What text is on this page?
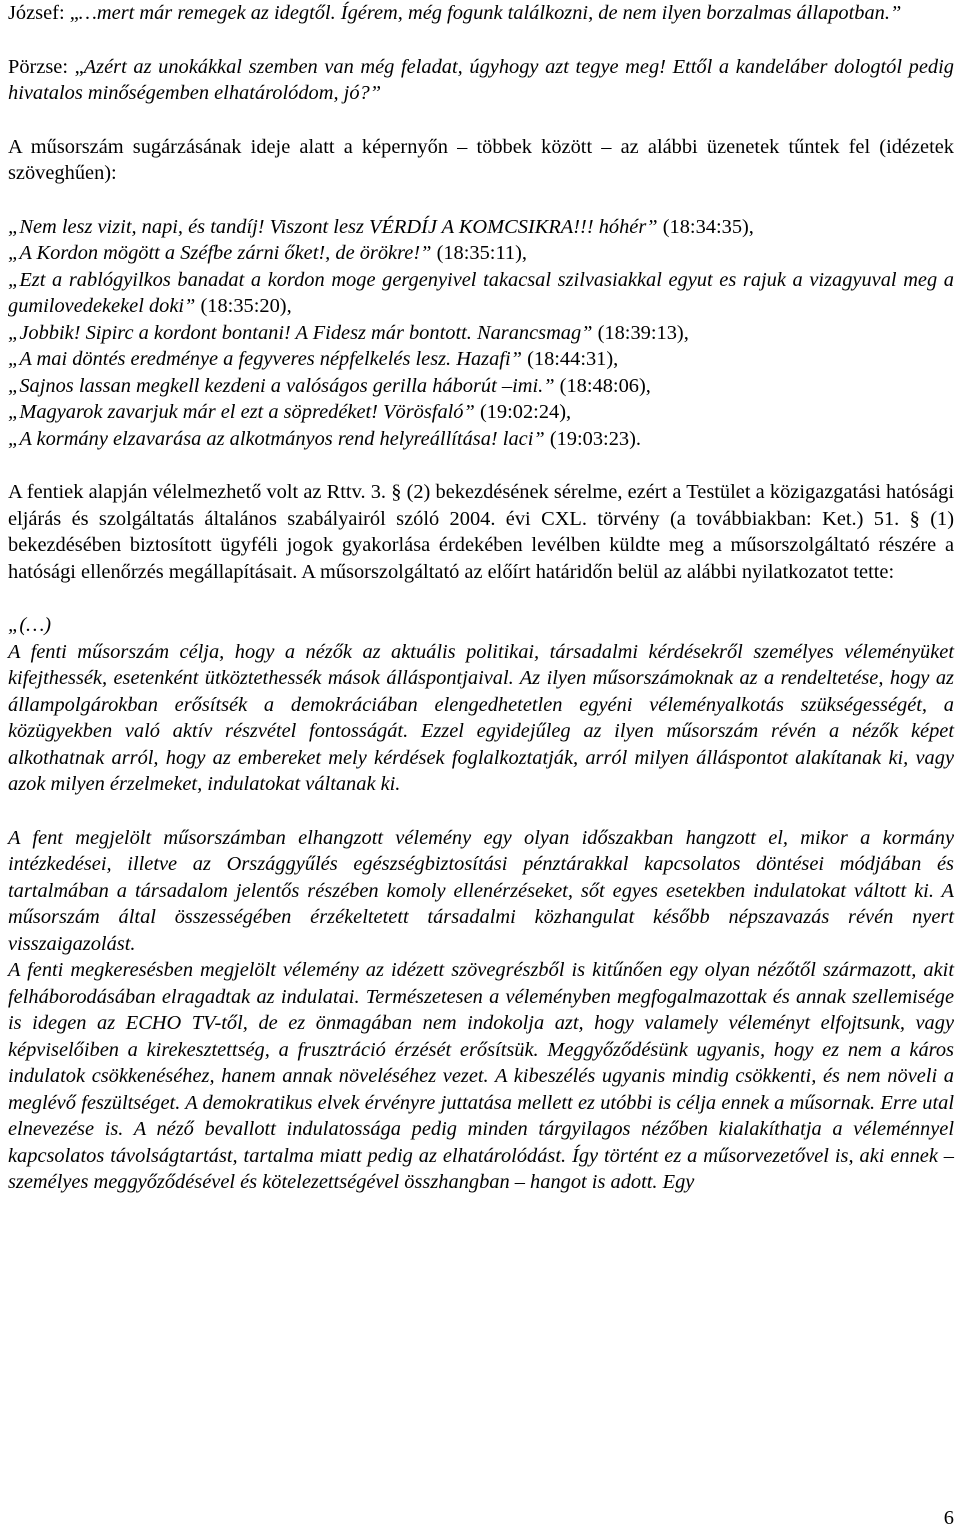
József: „…mert már remegek az idegtől. Ígérem, még fogunk találkozni, de nem ilyen borzalmas állapotban.”

Pörzse: „Azért az unokákkal szemben van még feladat, úgyhogy azt tegye meg! Ettől a kandeláber dologtól pedig hivatalos minőségemben elhatárolódom, jó?”

A műsorszám sugárzásának ideje alatt a képernyőn – többek között – az alábbi üzenetek tűntek fel (idézetek szöveghűen):

„Nem lesz vizit, napi, és tandíj! Viszont lesz VÉRDÍJ A KOMCSIKRA!!! hóhér” (18:34:35),
„A Kordon mögött a Széfbe zárni őket!, de örökre!” (18:35:11),
„Ezt a rablógyilkos banadat a kordon moge gergenyivel takacsal szilvasiakkal egyut es rajuk a vizagyuval meg a gumilovedekekel doki” (18:35:20),
„Jobbik! Sipirc a kordont bontani! A Fidesz már bontott. Narancsmag” (18:39:13),
„A mai döntés eredménye a fegyveres népfelkelés lesz. Hazafi” (18:44:31),
„Sajnos lassan megkell kezdeni a valóságos gerilla háborút –imi.” (18:48:06),
„Magyarok zavarjuk már el ezt a söpredéket! Vörösfaló” (19:02:24),
„A kormány elzavarása az alkotmányos rend helyreállítása! laci” (19:03:23).

A fentiek alapján vélelmezhető volt az Rttv. 3. § (2) bekezdésének sérelme, ezért a Testület a közigazgatási hatósági eljárás és szolgáltatás általános szabályairól szóló 2004. évi CXL. törvény (a továbbiakban: Ket.) 51. § (1) bekezdésében biztosított ügyféli jogok gyakorlása érdekében levélben küldte meg a műsorszolgáltató részére a hatósági ellenőrzés megállapításait. A műsorszolgáltató az előírt határidőn belül az alábbi nyilatkozatot tette:

„(…)

A fenti műsorszám célja, hogy a nézők az aktuális politikai, társadalmi kérdésekről személyes véleményüket kifejthessék, esetenként ütköztethessék mások álláspontjaival. Az ilyen műsorszámoknak az a rendeltetése, hogy az állampolgárokban erősítsék a demokráciában elengedhetetlen egyéni véleményalkotás szükségességét, a közügyekben való aktív részvétel fontosságát. Ezzel egyidejűleg az ilyen műsorszám révén a nézők képet alkothatnak arról, hogy az embereket mely kérdések foglalkoztatják, arról milyen álláspontot alakítanak ki, vagy azok milyen érzelmeket, indulatokat váltanak ki.

A fent megjelölt műsorszámban elhangzott vélemény egy olyan időszakban hangzott el, mikor a kormány intézkedései, illetve az Országgyűlés egészségbiztosítási pénztárakkal kapcsolatos döntései módjában és tartalmában a társadalom jelentős részében komoly ellenérzéseket, sőt egyes esetekben indulatokat váltott ki. A műsorszám által összességében érzékeltetett társadalmi közhangulat később népszavazás révén nyert visszaigazolást.

A fenti megkeresésben megjelölt vélemény az idézett szövegrészből is kitűnően egy olyan nézőtől származott, akit felháborodásában elragadtak az indulatai. Természetesen a véleményben megfogalmazottak és annak szellemisége is idegen az ECHO TV-től, de ez önmagában nem indokolja azt, hogy valamely véleményt elfojtsunk, vagy képviselőiben a kirekesztettség, a frusztráció érzését erősítsük. Meggyőződésünk ugyanis, hogy ez nem a káros indulatok csökkenéséhez, hanem annak növeléséhez vezet. A kibeszélés ugyanis mindig csökkenti, és nem növeli a meglévő feszültséget. A demokratikus elvek érvényre juttatása mellett ez utóbbi is célja ennek a műsornak. Erre utal elnevezése is. A néző bevallott indulatossága pedig minden tárgyilagos nézőben kialakíthatja a véleménnyel kapcsolatos távolságtartást, tartalma miatt pedig az elhatárolódást. Így történt ez a műsorvezetővel is, aki ennek – személyes meggyőződésével és kötelezettségével összhangban – hangot is adott. Egy

6
